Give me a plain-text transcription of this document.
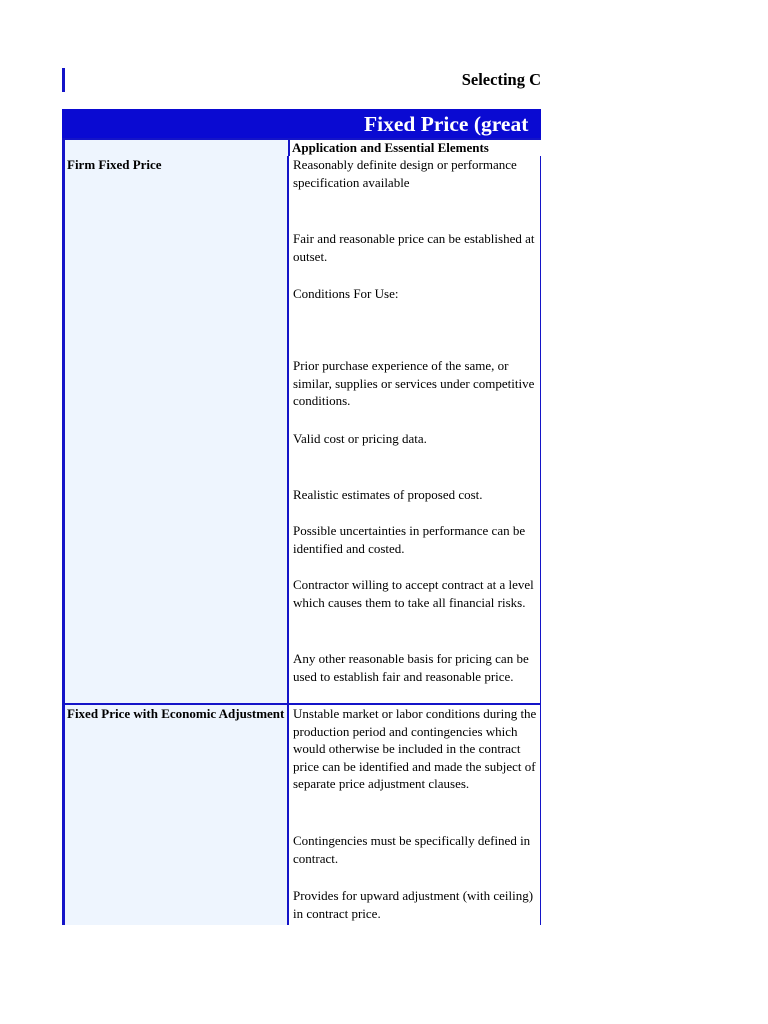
Selecting C
Fixed Price (great
Application and Essential Elements
Firm Fixed Price	Reasonably definite design or performance specification available
Fair and reasonable price can be established at outset.
Conditions For Use:
Prior purchase experience of the same, or similar, supplies or services under competitive conditions.
Valid cost or pricing data.
Realistic estimates of proposed cost.
Possible uncertainties in performance can be identified and costed.
Contractor willing to accept contract at a level which causes them to take all financial risks.
Any other reasonable basis for pricing can be used to establish fair and reasonable price.
Fixed Price with Economic Adjustment Unstable market or labor conditions during the production period and contingencies which would otherwise be included in the contract price can be identified and made the subject of separate price adjustment clauses.
Contingencies must be specifically defined in contract.
Provides for upward adjustment (with ceiling) in contract price.
